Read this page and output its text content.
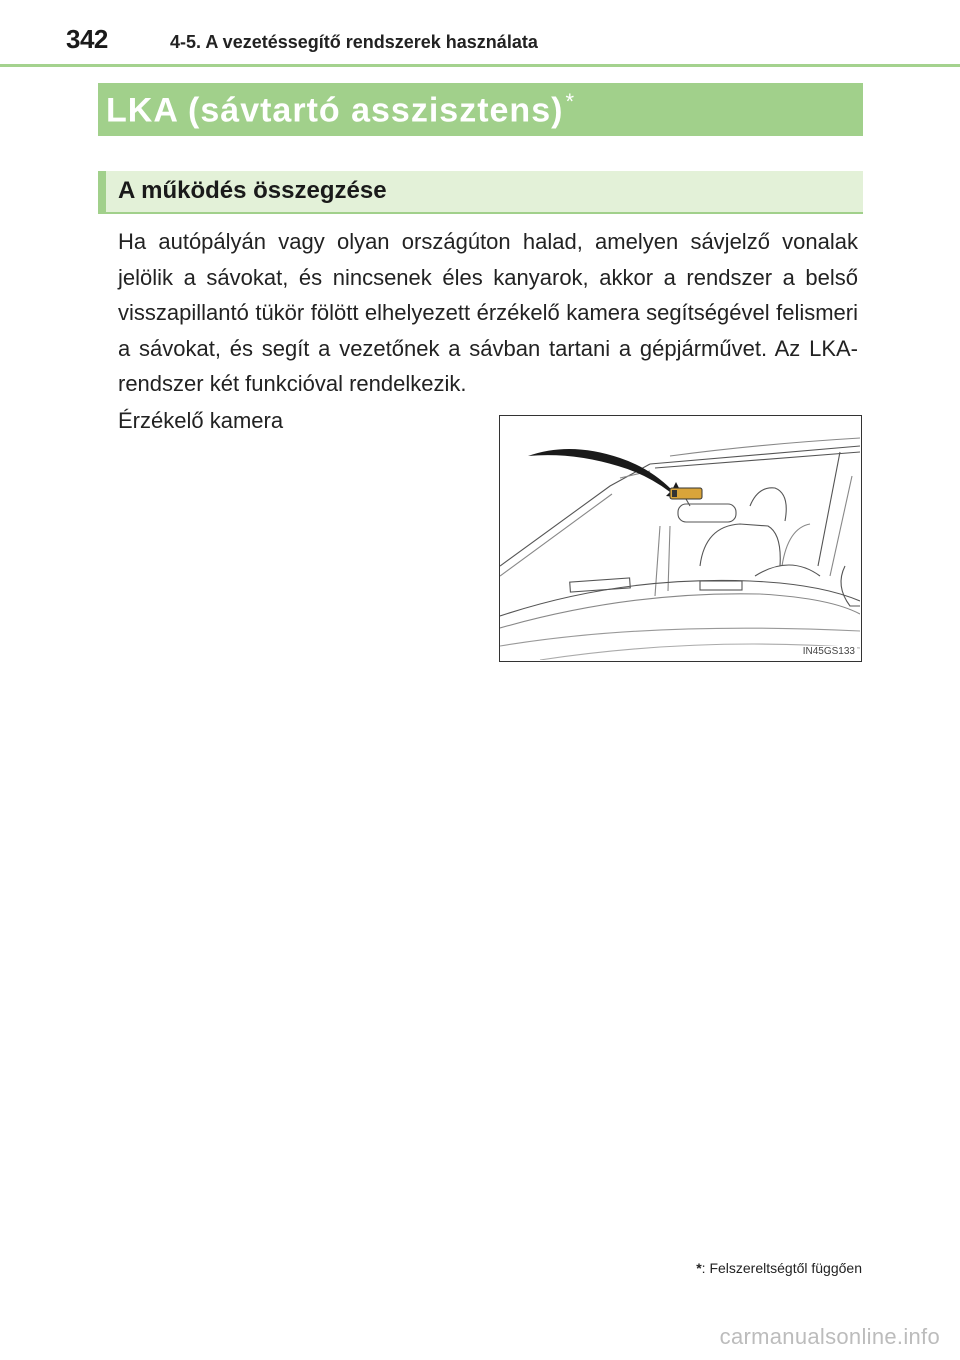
342	4-5. A vezetéssegítő rendszerek használata
LKA (sávtartó asszisztens)*
A működés összegzése

Ha autópályán vagy olyan országúton halad, amelyen sávjelző vonalak jelölik a sávokat, és nincsenek éles kanyarok, akkor a rendszer a belső visszapillantó tükör fölött elhelyezett érzékelő kamera segítségével felismeri a sávokat, és segít a vezetőnek a sávban tartani a gépjárművet. Az LKA-rendszer két funkcióval rendelkezik.

Érzékelő kamera
IN45GS133
*: Felszereltségtől függően
carmanualsonline.info
